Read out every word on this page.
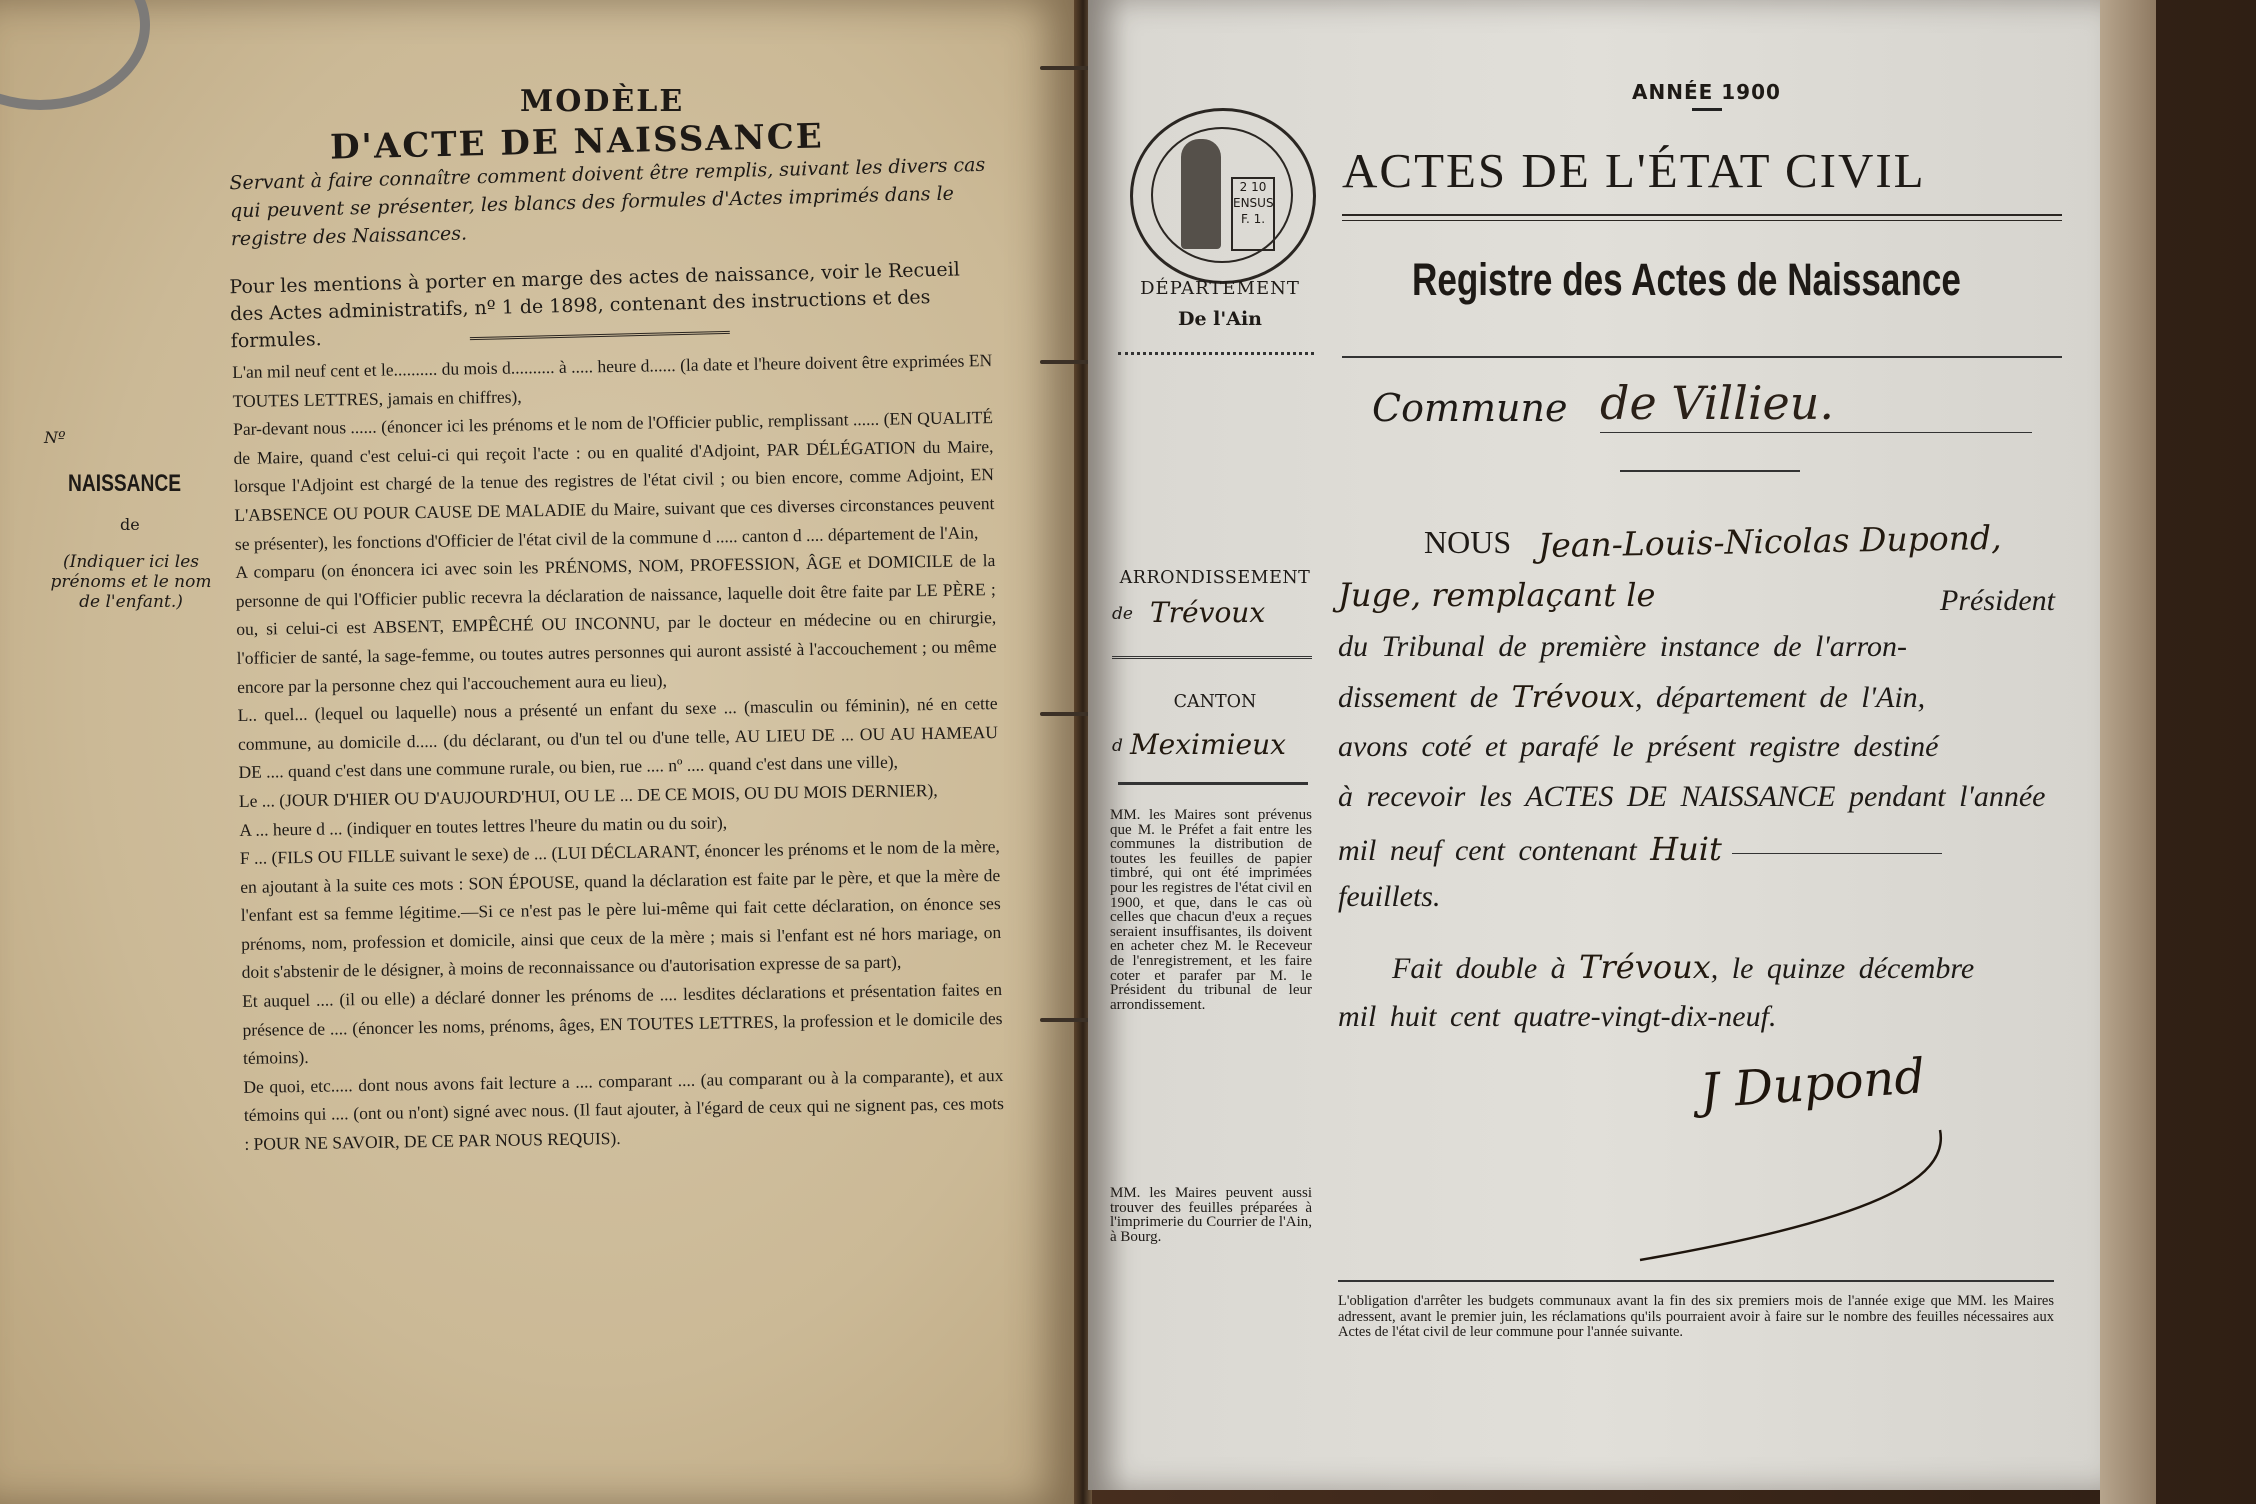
MODÈLE
D'ACTE DE NAISSANCE
Servant à faire connaître comment doivent être remplis, suivant les divers cas qui peuvent se présenter, les blancs des formules d'Actes imprimés dans le registre des Naissances.
Pour les mentions à porter en marge des actes de naissance, voir le Recueil des Actes administratifs, nº 1 de 1898, contenant des instructions et des formules.
Nº
NAISSANCE
de
(Indiquer ici les prénoms et le nom de l'enfant.)

L'an mil neuf cent et le.......... du mois d.......... à ..... heure d...... (la date et l'heure doivent être exprimées EN TOUTES LETTRES, jamais en chiffres),

Par-devant nous ...... (énoncer ici les prénoms et le nom de l'Officier public, remplissant ...... (EN QUALITÉ de Maire, quand c'est celui-ci qui reçoit l'acte : ou en qualité d'Adjoint, PAR DÉLÉGATION du Maire, lorsque l'Adjoint est chargé de la tenue des registres de l'état civil ; ou bien encore, comme Adjoint, EN L'ABSENCE OU POUR CAUSE DE MALADIE du Maire, suivant que ces diverses circonstances peuvent se présenter), les fonctions d'Officier de l'état civil de la commune d ..... canton d .... département de l'Ain,

A comparu (on énoncera ici avec soin les PRÉNOMS, NOM, PROFESSION, ÂGE et DOMICILE de la personne de qui l'Officier public recevra la déclaration de naissance, laquelle doit être faite par LE PÈRE ; ou, si celui-ci est ABSENT, EMPÊCHÉ OU INCONNU, par le docteur en médecine ou en chirurgie, l'officier de santé, la sage-femme, ou toutes autres personnes qui auront assisté à l'accouchement ; ou même encore par la personne chez qui l'accouchement aura eu lieu),

L.. quel... (lequel ou laquelle) nous a présenté un enfant du sexe ... (masculin ou féminin), né en cette commune, au domicile d..... (du déclarant, ou d'un tel ou d'une telle, AU LIEU DE ... OU AU HAMEAU DE .... quand c'est dans une commune rurale, ou bien, rue .... nº .... quand c'est dans une ville),

Le ... (JOUR D'HIER OU D'AUJOURD'HUI, OU LE ... DE CE MOIS, OU DU MOIS DERNIER),

A ... heure d ... (indiquer en toutes lettres l'heure du matin ou du soir),

F ... (FILS OU FILLE suivant le sexe) de ... (LUI DÉCLARANT, énoncer les prénoms et le nom de la mère, en ajoutant à la suite ces mots : SON ÉPOUSE, quand la déclaration est faite par le père, et que la mère de l'enfant est sa femme légitime.—Si ce n'est pas le père lui-même qui fait cette déclaration, on énonce ses prénoms, nom, profession et domicile, ainsi que ceux de la mère ; mais si l'enfant est né hors mariage, on doit s'abstenir de le désigner, à moins de reconnaissance ou d'autorisation expresse de sa part),

Et auquel .... (il ou elle) a déclaré donner les prénoms de .... lesdites déclarations et présentation faites en présence de .... (énoncer les noms, prénoms, âges, EN TOUTES LETTRES, la profession et le domicile des témoins).

De quoi, etc..... dont nous avons fait lecture a .... comparant .... (au comparant ou à la comparante), et aux témoins qui .... (ont ou n'ont) signé avec nous. (Il faut ajouter, à l'égard de ceux qui ne signent pas, ces mots : POUR NE SAVOIR, DE CE PAR NOUS REQUIS).

ANNÉE 1900
2 10 ENSUS F. 1.
DÉPARTEMENT
De l'Ain
ACTES DE L'ÉTAT CIVIL
Registre des Actes de Naissance
Commune de Villieu.
ARRONDISSEMENT
de Trévoux
CANTON
d Meximieux
MM. les Maires sont prévenus que M. le Préfet a fait entre les communes la distribution de toutes les feuilles de papier timbré, qui ont été imprimées pour les registres de l'état civil en 1900, et que, dans le cas où celles que chacun d'eux a reçues seraient insuffisantes, ils doivent en acheter chez M. le Receveur de l'enregistrement, et les faire coter et parafer par M. le Président du tribunal de leur arrondissement.
MM. les Maires peuvent aussi trouver des feuilles préparées à l'imprimerie du Courrier de l'Ain, à Bourg.
NOUS Jean-Louis-Nicolas Dupond,
Juge, remplaçant le	Président
du Tribunal de première instance de l'arron-
dissement de Trévoux, département de l'Ain,
avons coté et parafé le présent registre destiné
à recevoir les ACTES DE NAISSANCE pendant l'année
mil neuf cent contenant Huit
feuillets.
Fait double à Trévoux, le quinze décembre
mil huit cent quatre-vingt-dix-neuf.
J Dupond
L'obligation d'arrêter les budgets communaux avant la fin des six premiers mois de l'année exige que MM. les Maires adressent, avant le premier juin, les réclamations qu'ils pourraient avoir à faire sur le nombre des feuilles nécessaires aux Actes de l'état civil de leur commune pour l'année suivante.
